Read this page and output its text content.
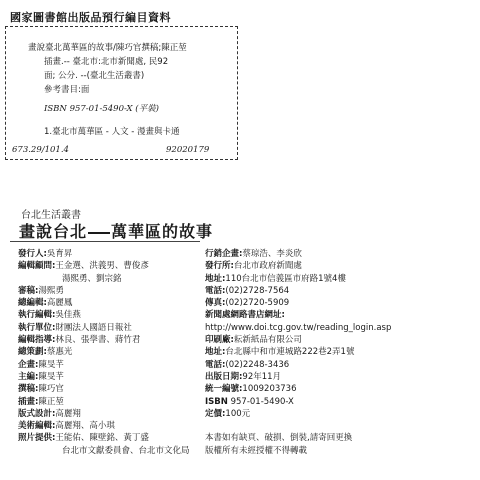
國家圖書館出版品預行編目資料
畫說臺北萬華區的故事/陳巧官撰稿;陳正堃
插畫.-- 臺北市:北市新聞處, 民92
面; 公分. --(臺北生活叢書)
參考書目:面
ISBN 957-01-5490-X (平裝)
1.臺北市萬華區 - 人文 - 漫畫與卡通
673.29/101.4	92020179
台北生活叢書
畫說台北 萬華區的故事
發行人:吳育昇
編輯顧問:王金選、洪義男、曹俊彥
湯熙勇、劉宗銘
審稿:湯熙勇
總編輯:高麗鳳
執行編輯:吳佳燕
執行單位:財團法人國語日報社
編輯指導:林良、張學書、蔣竹君
總策劃:蔡惠光
企畫:陳旻芊
主編:陳旻芊
撰稿:陳巧官
插畫:陳正堃
版式設計:高麗翔
美術編輯:高麗翔、高小琪
照片提供:王能佑、陳壁銘、黃丁盛
台北市文獻委員會、台北市文化局
行銷企畫:蔡琼浩、李炎欣
發行所:台北市政府新聞處
地址:110台北市信義區市府路1號4樓
電話:(02)2728-7564
傳真:(02)2720-5909
新聞處網路書店網址:
http://www.doi.tcg.gov.tw/reading_login.asp
印刷廠:耘新紙品有限公司
地址:台北縣中和市連城路222巷2弄1號
電話:(02)2248-3436
出版日期:92年11月
統一編號:1009203736
ISBN 957-01-5490-X
定價:100元

本書如有缺頁、破損、倒裝,請寄回更換
版權所有未經授權不得轉載
